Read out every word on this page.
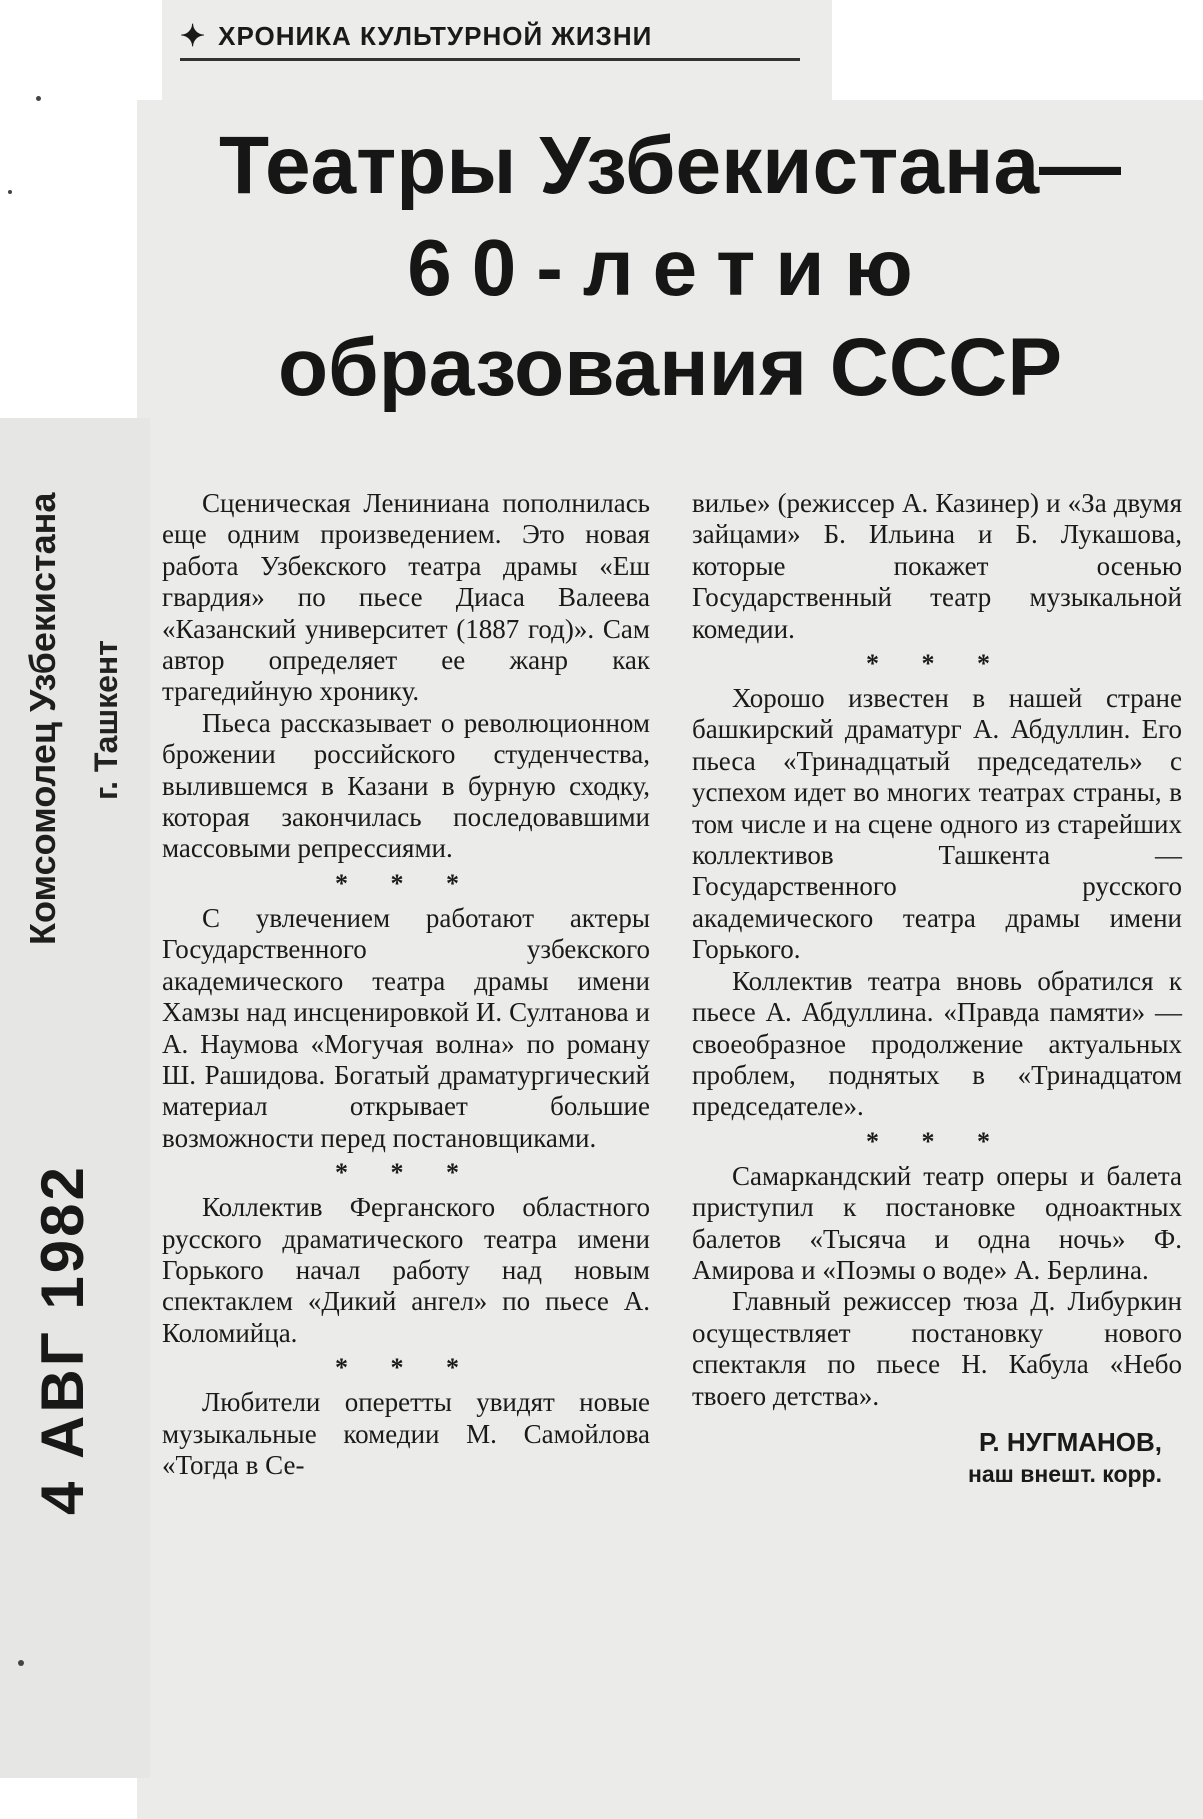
✦ ХРОНИКА КУЛЬТУРНОЙ ЖИЗНИ
Театры Узбекистана—
60-летию
образования СССР
Комсомолец Узбекистана г. Ташкент
4 АВГ 1982

Сценическая Лениниана пополнилась еще одним произведением. Это новая работа Узбекского театра драмы «Еш гвардия» по пьесе Диаса Валеева «Казанский университет (1887 год)». Сам автор определяет ее жанр как трагедийную хронику.

Пьеса рассказывает о революционном брожении российского студенчества, вылившемся в Казани в бурную сходку, которая закончилась последовавшими массовыми репрессиями.

* * *

С увлечением работают актеры Государственного узбекского академического театра драмы имени Хамзы над инсценировкой И. Султанова и А. Наумова «Могучая волна» по роману Ш. Рашидова. Богатый драматургический материал открывает большие возможности перед постановщиками.

* * *

Коллектив Ферганского областного русского драматического театра имени Горького начал работу над новым спектаклем «Дикий ангел» по пьесе А. Коломийца.

* * *

Любители оперетты увидят новые музыкальные комедии М. Самойлова «Тогда в Се-

вилье» (режиссер А. Казинер) и «За двумя зайцами» Б. Ильина и Б. Лукашова, которые покажет осенью Государственный театр музыкальной комедии.

* * *

Хорошо известен в нашей стране башкирский драматург А. Абдуллин. Его пьеса «Тринадцатый председатель» с успехом идет во многих театрах страны, в том числе и на сцене одного из старейших коллективов Ташкента — Государственного русского академического театра драмы имени Горького.

Коллектив театра вновь обратился к пьесе А. Абдуллина. «Правда памяти» — своеобразное продолжение актуальных проблем, поднятых в «Тринадцатом председателе».

* * *

Самаркандский театр оперы и балета приступил к постановке одноактных балетов «Тысяча и одна ночь» Ф. Амирова и «Поэмы о воде» А. Берлина.

Главный режиссер тюза Д. Либуркин осуществляет постановку нового спектакля по пьесе Н. Кабула «Небо твоего детства».

Р. НУГМАНОВ,
наш внешт. корр.
